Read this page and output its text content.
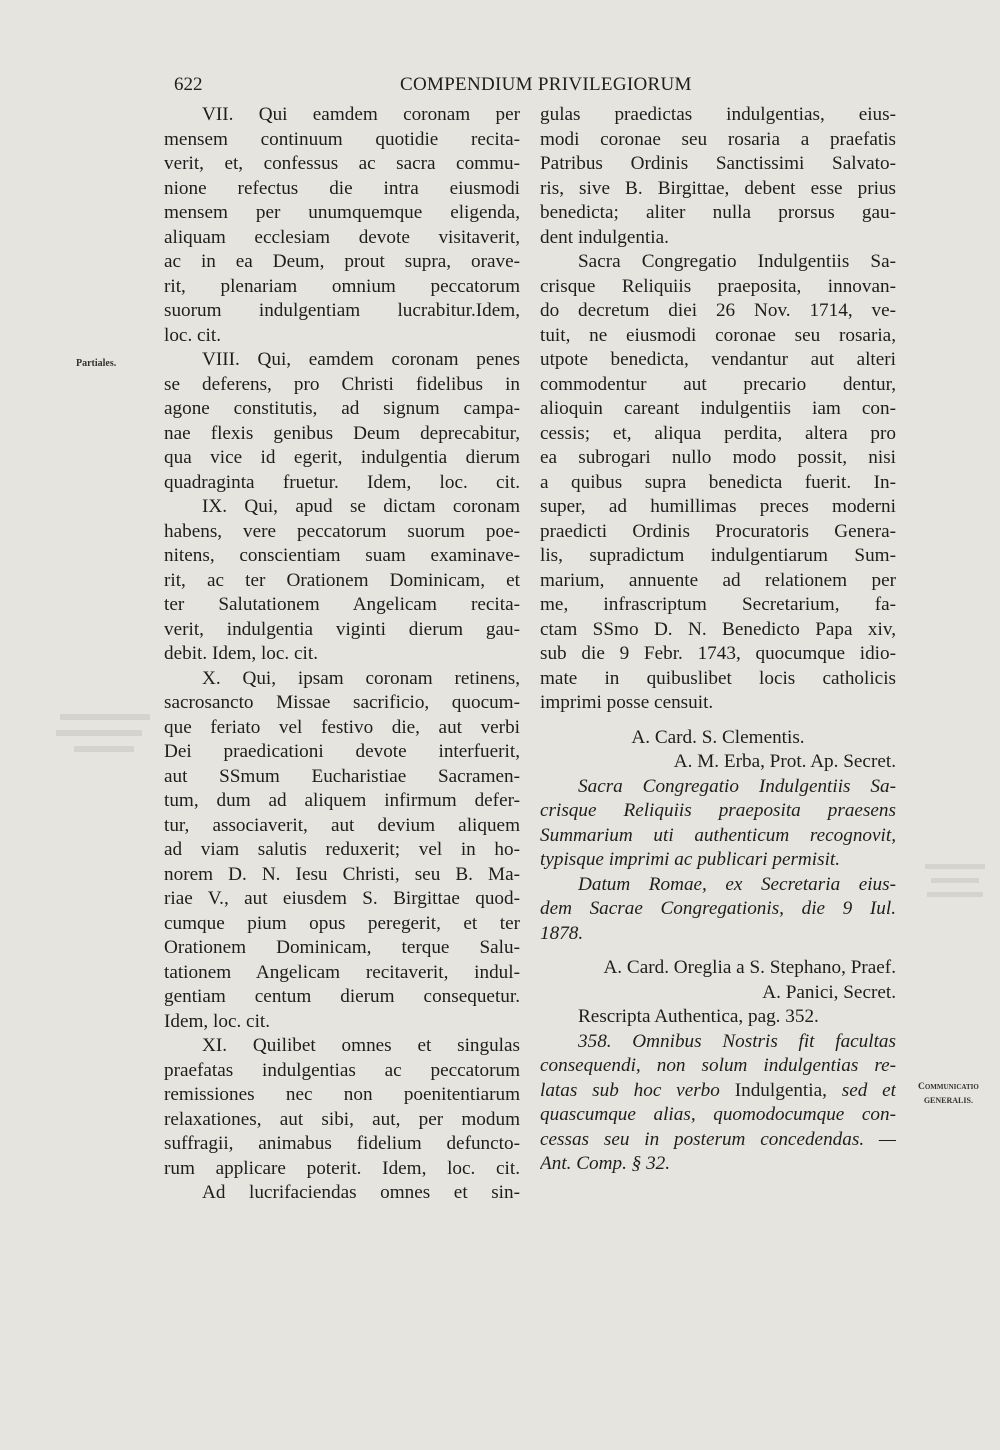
622	COMPENDIUM PRIVILEGIORUM
Partiales.
Communicatio
GENERALIS.
VII. Qui eamdem coronam per
mensem continuum quotidie recita-
verit, et, confessus ac sacra commu-
nione refectus die intra eiusmodi
mensem per unumquemque eligenda,
aliquam ecclesiam devote visitaverit,
ac in ea Deum, prout supra, orave-
rit, plenariam omnium peccatorum
suorum indulgentiam lucrabitur.Idem,
loc. cit.
VIII. Qui, eamdem coronam penes
se deferens, pro Christi fidelibus in
agone constitutis, ad signum campa-
nae flexis genibus Deum deprecabitur,
qua vice id egerit, indulgentia dierum
quadraginta fruetur. Idem, loc. cit.
IX. Qui, apud se dictam coronam
habens, vere peccatorum suorum poe-
nitens, conscientiam suam examinave-
rit, ac ter Orationem Dominicam, et
ter Salutationem Angelicam recita-
verit, indulgentia viginti dierum gau-
debit. Idem, loc. cit.
X. Qui, ipsam coronam retinens,
sacrosancto Missae sacrificio, quocum-
que feriato vel festivo die, aut verbi
Dei praedicationi devote interfuerit,
aut SSmum Eucharistiae Sacramen-
tum, dum ad aliquem infirmum defer-
tur, associaverit, aut devium aliquem
ad viam salutis reduxerit; vel in ho-
norem D. N. Iesu Christi, seu B. Ma-
riae V., aut eiusdem S. Birgittae quod-
cumque pium opus peregerit, et ter
Orationem Dominicam, terque Salu-
tationem Angelicam recitaverit, indul-
gentiam centum dierum consequetur.
Idem, loc. cit.
XI. Quilibet omnes et singulas
praefatas indulgentias ac peccatorum
remissiones nec non poenitentiarum
relaxationes, aut sibi, aut, per modum
suffragii, animabus fidelium defuncto-
rum applicare poterit. Idem, loc. cit.
Ad lucrifaciendas omnes et sin-
gulas praedictas indulgentias, eius-
modi coronae seu rosaria a praefatis
Patribus Ordinis Sanctissimi Salvato-
ris, sive B. Birgittae, debent esse prius
benedicta; aliter nulla prorsus gau-
dent indulgentia.
Sacra Congregatio Indulgentiis Sa-
crisque Reliquiis praeposita, innovan-
do decretum diei 26 Nov. 1714, ve-
tuit, ne eiusmodi coronae seu rosaria,
utpote benedicta, vendantur aut alteri
commodentur aut precario dentur,
alioquin careant indulgentiis iam con-
cessis; et, aliqua perdita, altera pro
ea subrogari nullo modo possit, nisi
a quibus supra benedicta fuerit. In-
super, ad humillimas preces moderni
praedicti Ordinis Procuratoris Genera-
lis, supradictum indulgentiarum Sum-
marium, annuente ad relationem per
me, infrascriptum Secretarium, fa-
ctam SSmo D. N. Benedicto Papa xiv,
sub die 9 Febr. 1743, quocumque idio-
mate in quibuslibet locis catholicis
imprimi posse censuit.
A. Card. S. Clementis.
A. M. Erba, Prot. Ap. Secret.
Sacra Congregatio Indulgentiis Sa-
crisque Reliquiis praeposita praesens
Summarium uti authenticum recognovit,
typisque imprimi ac publicari permisit.
Datum Romae, ex Secretaria eius-
dem Sacrae Congregationis, die 9 Iul.
1878.
A. Card. Oreglia a S. Stephano, Praef.
A. Panici, Secret.
Rescripta Authentica, pag. 352.
358. Omnibus Nostris fit facultas
consequendi, non solum indulgentias re-
latas sub hoc verbo Indulgentia, sed et
quascumque alias, quomodocumque con-
cessas seu in posterum concedendas. —
Ant. Comp. § 32.
